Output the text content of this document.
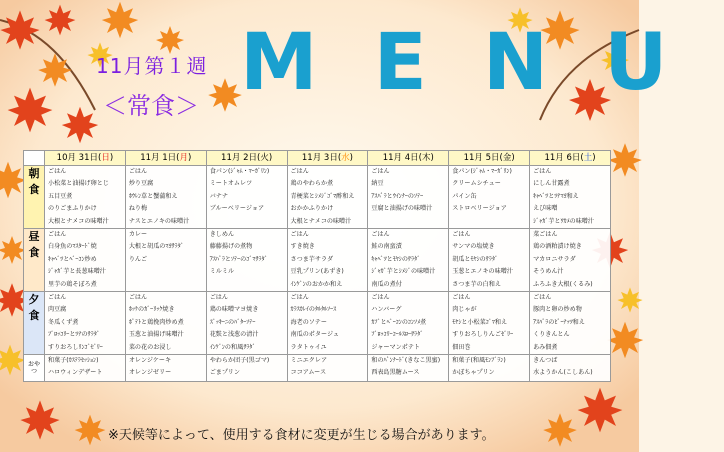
11月第１週
＜常食＞ MENU
	10月 31日(日)	11月 1日(月)	11月 2日(火)	11月 3日(水)	11月 4日(木)	11月 5日(金)	11月 6日(土)

朝
食	ごはん
小松菜と油揚げ卵とじ
五目豆煮
のりごまふりかけ
大根とナメコの味噌汁	ごはん
炒り豆腐
ﾎｳﾚﾝ草と蟹蒲和え
ねり梅
ナスとエノキの味噌汁	食パン(ｼﾞｬﾑ・ﾏｰｶﾞﾘﾝ)
ミートオムレツ
バナナ
ブルーベリージョア	ごはん
鶏のやわらか煮
青梗菜とｼﾒｼﾞｺﾞﾏ酢和え
おかかふりかけ
大根とナメコの味噌汁	ごはん
納豆
ｱｽﾊﾟﾗとｳｲﾝﾅｰのｿﾃｰ
豆腐と油揚げの味噌汁	食パン(ｼﾞｬﾑ・ﾏｰｶﾞﾘﾝ)
クリームシチュー
パイン缶
ストロベリージョア	ごはん
にしん甘露煮
ｷｬﾍﾞﾂとﾂﾅﾏﾖ和え
えび味噌
ｼﾞｬｶﾞ芋とﾜｶﾒの味噌汁

昼
食	ごはん
白身魚のﾏｽﾀｰﾄﾞ焼
ｷｬﾍﾞﾂとﾍﾞｰｺﾝ炒め
ｼﾞｬｶﾞ芋と長葱味噌汁
里芋の鶏そぼろ煮	カレー
大根と胡瓜のﾏﾖｻﾗﾀﾞ
りんご	きしめん
藤藤揚げの煮物
ｱｽﾊﾟﾗとｿﾃｰのｺﾞﾏｻﾗﾀﾞ
ミルミル	ごはん
すき焼き
さつま芋サラダ
豆乳プリン(あずき)
ｲﾝｹﾞﾝのおかか和え	ごはん
鮭の南蛮漬
ｷｬﾍﾞﾂとﾓﾔｼのｻﾗﾀﾞ
ｼﾞｬｶﾞ芋とｼﾒｼﾞの味噌汁
南瓜の煮付	ごはん
サンマの塩焼き
胡瓜とﾓﾔｼのｻﾗﾀﾞ
玉葱とエノキの味噌汁
さつま芋の白和え	菜ごはん
鶏の酒粕漬け焼き
マカロニサラダ
そうめん汁
ふろふき大根(くるみ)

夕
食	ごはん
肉豆腐
冬瓜くず煮
ﾌﾞﾛｯｺﾘｰとﾂﾅのｻﾗﾀﾞ
すりおろしﾘﾝｺﾞｾﾞﾘｰ	ごはん
ﾎｯｹのｶﾞｰﾘｯｸ焼き
ﾎﾟﾃﾄと鶏挽肉炒め煮
玉葱と油揚げ味噌汁
菜の花のお浸し	ごはん
鶏の味噌マヨ焼き
ｽﾞｯｷｰﾆのﾊﾞﾀｰｿﾃｰ
花麩と浅葱の清汁
ｲﾝｹﾞﾝの和風ｻﾗﾀﾞ	ごはん
ｶﾗｽｶﾚｲのﾀﾙﾀﾙｿｰｽ
海老のソテー
南瓜のポタージュ
ラタトゥイユ	ごはん
ハンバーグ
ｶﾌﾞとﾍﾞｰｺﾝのｺﾝｿﾒ煮
ﾌﾞﾛｯｺﾘｰｺｰﾙｽﾛｰｻﾗﾀﾞ
ジャーマンポテト	ごはん
肉じゃが
ﾓﾔｼと小松菜ｺﾞﾏ和え
すりおろしりんごｾﾞﾘｰ
佃田巻	ごはん
豚肉と卵の炒め物
ｱｽﾊﾟﾗのﾋﾟｰﾅｯﾂ和え
くりきんとん
あみ佃煮

おや
つ	和菓子(ｶｽﾃﾗｾｯｼｮﾝ)
ハロウィンデザート	オレンジケーキ
オレンジゼリー	やわらか団子(黒ゴマ)
ごまプリン	ミニエクレア
ココアムース	和のﾊﾟﾝﾅｰﾄﾞ(きなこ黒蜜)
西表島黒糖ムース	和菓子(和風ﾓﾝﾌﾞﾗﾝ)
かぼちゃプリン	きんつば
水ようかん(こしあん)
※天候等によって、使用する食材に変更が生じる場合があります。
